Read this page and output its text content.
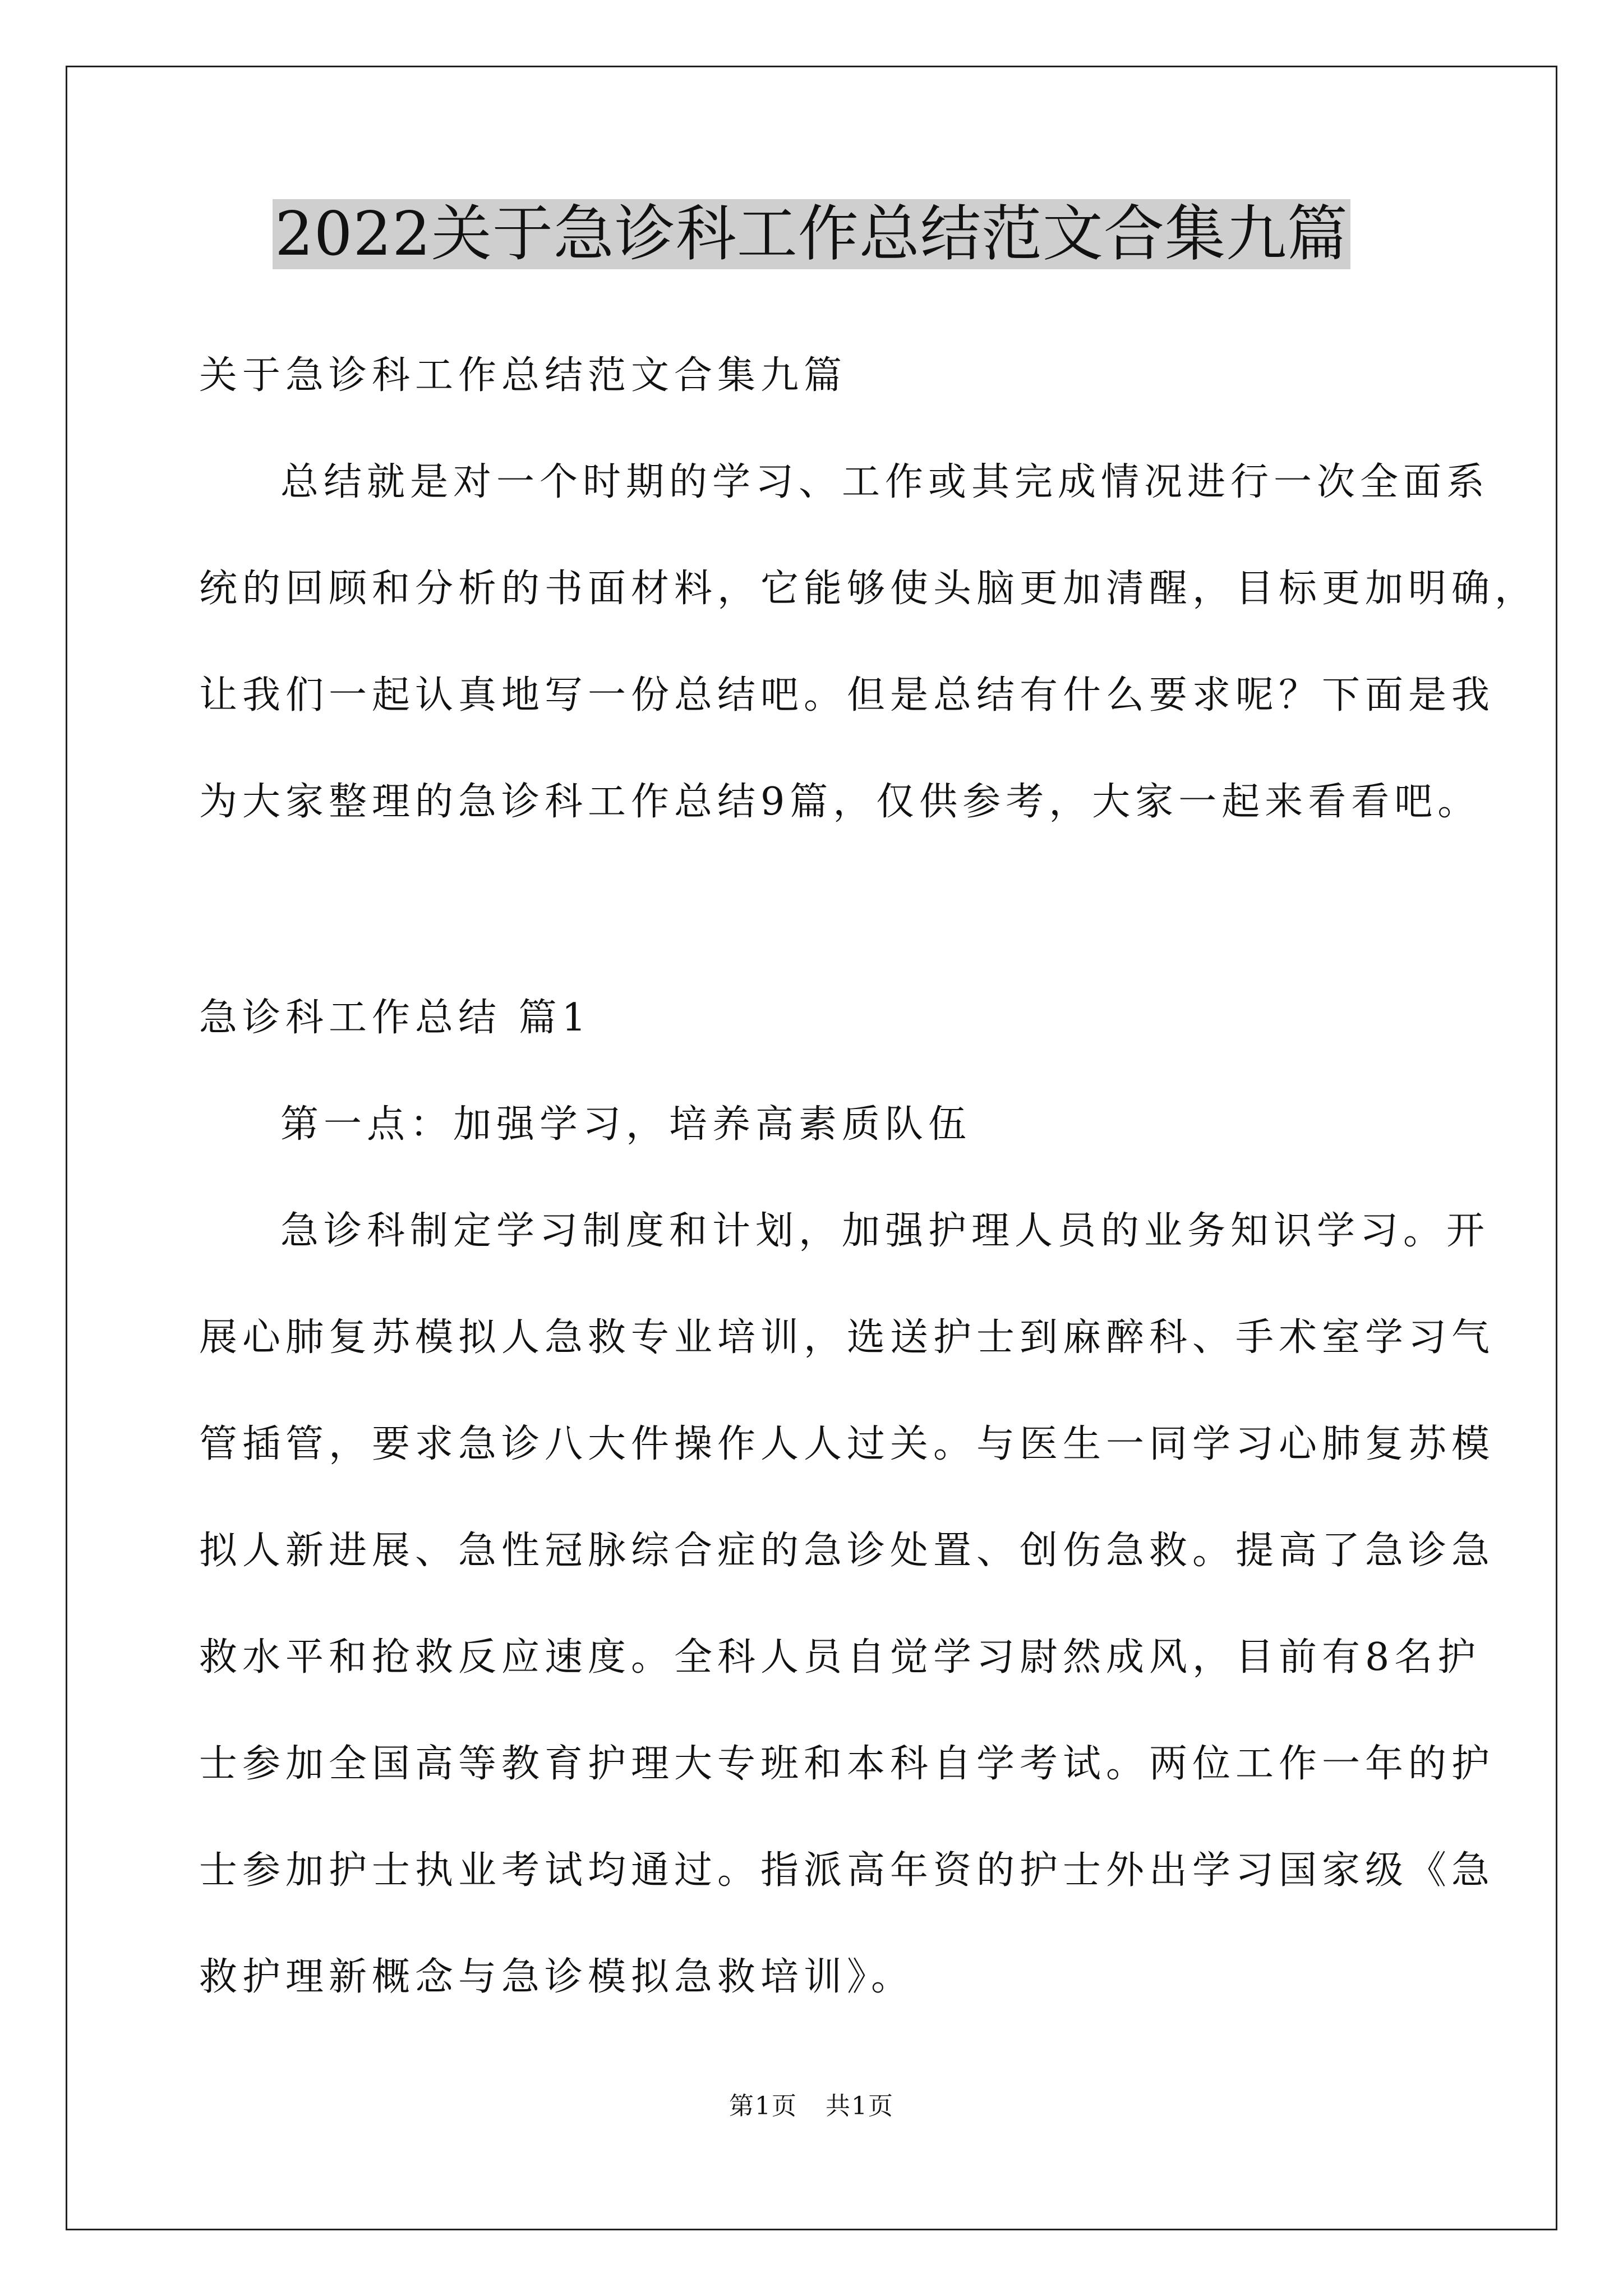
2022关于急诊科工作总结范文合集九篇
关于急诊科工作总结范文合集九篇
总结就是对一个时期的学习、工作或其完成情况进行一次全面系
统的回顾和分析的书面材料，它能够使头脑更加清醒，目标更加明确，
让我们一起认真地写一份总结吧。但是总结有什么要求呢？下面是我
为大家整理的急诊科工作总结9篇，仅供参考，大家一起来看看吧。
急诊科工作总结 篇1
第一点：加强学习，培养高素质队伍
急诊科制定学习制度和计划，加强护理人员的业务知识学习。开
展心肺复苏模拟人急救专业培训，选送护士到麻醉科、手术室学习气
管插管，要求急诊八大件操作人人过关。与医生一同学习心肺复苏模
拟人新进展、急性冠脉综合症的急诊处置、创伤急救。提高了急诊急
救水平和抢救反应速度。全科人员自觉学习尉然成风，目前有8名护
士参加全国高等教育护理大专班和本科自学考试。两位工作一年的护
士参加护士执业考试均通过。指派高年资的护士外出学习国家级《急
救护理新概念与急诊模拟急救培训》。
第1页 共1页
